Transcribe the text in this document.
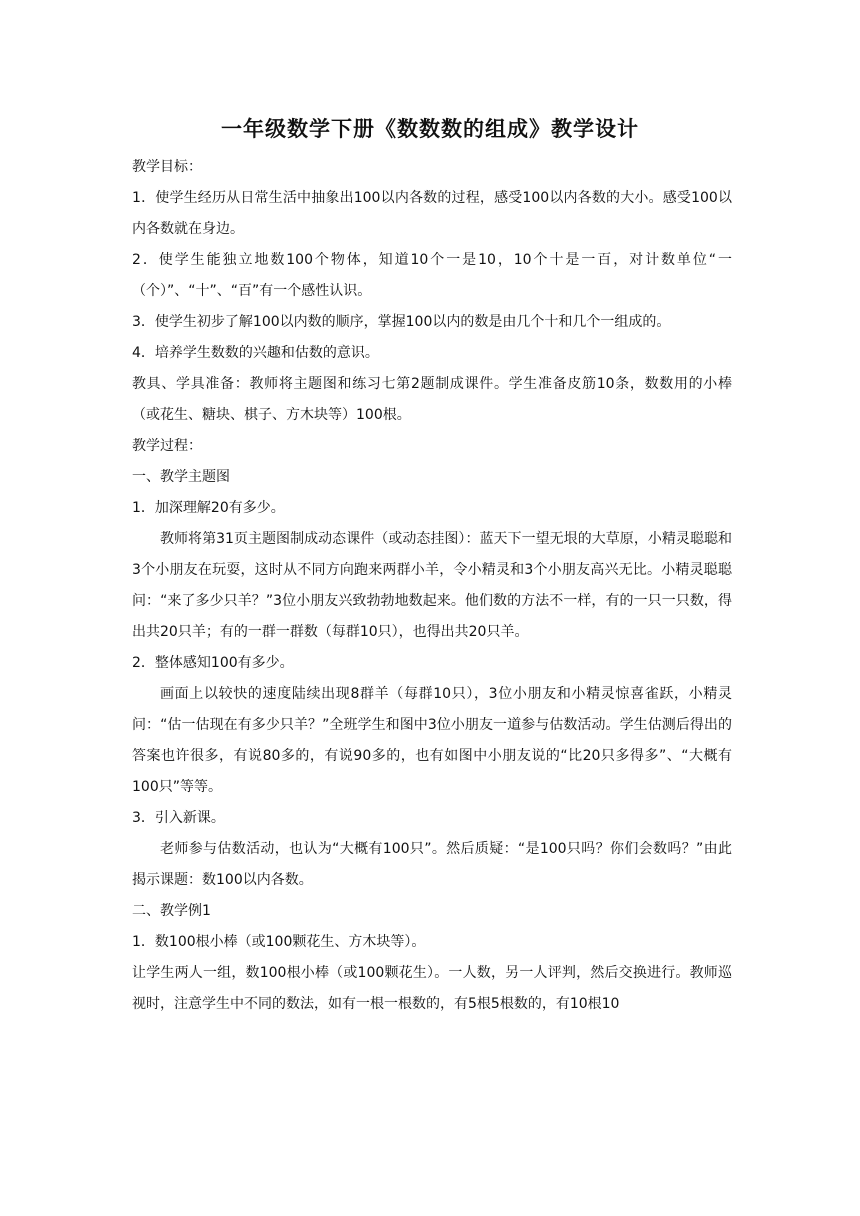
一年级数学下册《数数数的组成》教学设计

教学目标：

1．使学生经历从日常生活中抽象出100以内各数的过程，感受100以内各数的大小。感受100以内各数就在身边。

2．使学生能独立地数100个物体，知道10个一是10，10个十是一百，对计数单位“一（个）”、“十”、“百”有一个感性认识。

3．使学生初步了解100以内数的顺序，掌握100以内的数是由几个十和几个一组成的。

4．培养学生数数的兴趣和估数的意识。

教具、学具准备：教师将主题图和练习七第2题制成课件。学生准备皮筋10条，数数用的小棒（或花生、糖块、棋子、方木块等）100根。

教学过程：

一、教学主题图

1．加深理解20有多少。

教师将第31页主题图制成动态课件（或动态挂图）：蓝天下一望无垠的大草原，小精灵聪聪和3个小朋友在玩耍，这时从不同方向跑来两群小羊，令小精灵和3个小朋友高兴无比。小精灵聪聪问：“来了多少只羊？”3位小朋友兴致勃勃地数起来。他们数的方法不一样，有的一只一只数，得出共20只羊；有的一群一群数（每群10只），也得出共20只羊。

2．整体感知100有多少。

画面上以较快的速度陆续出现8群羊（每群10只），3位小朋友和小精灵惊喜雀跃，小精灵问：“估一估现在有多少只羊？”全班学生和图中3位小朋友一道参与估数活动。学生估测后得出的答案也许很多，有说80多的，有说90多的，也有如图中小朋友说的“比20只多得多”、“大概有100只”等等。

3．引入新课。

老师参与估数活动，也认为“大概有100只”。然后质疑：“是100只吗？你们会数吗？”由此揭示课题：数100以内各数。

二、教学例1

1．数100根小棒（或100颗花生、方木块等）。

让学生两人一组，数100根小棒（或100颗花生）。一人数，另一人评判，然后交换进行。教师巡视时，注意学生中不同的数法，如有一根一根数的，有5根5根数的，有10根10
